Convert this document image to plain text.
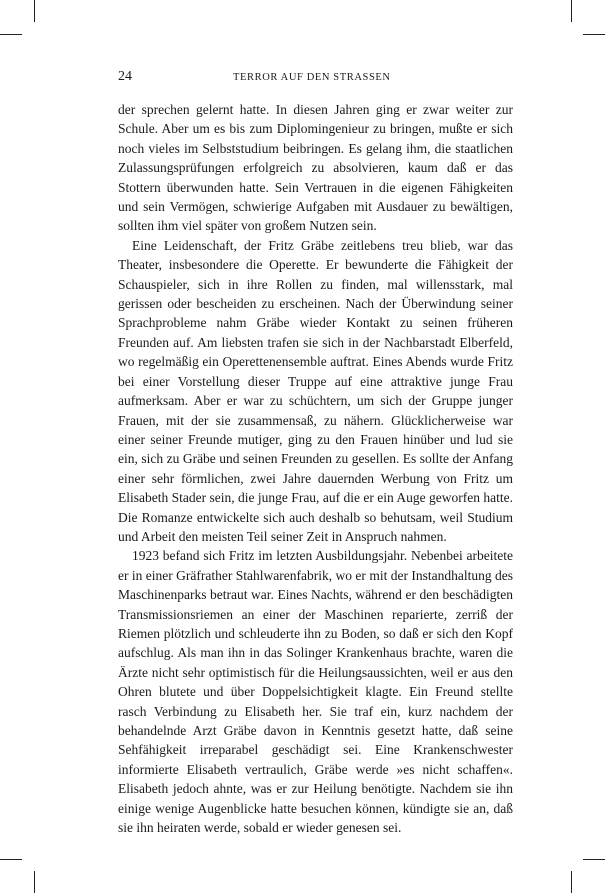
24	TERROR AUF DEN STRASSEN

der sprechen gelernt hatte. In diesen Jahren ging er zwar weiter zur Schule. Aber um es bis zum Diplomingenieur zu bringen, mußte er sich noch vieles im Selbststudium beibringen. Es gelang ihm, die staatlichen Zulassungsprüfungen erfolgreich zu absolvieren, kaum daß er das Stottern überwunden hatte. Sein Vertrauen in die eigenen Fähigkeiten und sein Vermögen, schwierige Aufgaben mit Ausdauer zu bewältigen, sollten ihm viel später von großem Nutzen sein.

Eine Leidenschaft, der Fritz Gräbe zeitlebens treu blieb, war das Theater, insbesondere die Operette. Er bewunderte die Fähigkeit der Schauspieler, sich in ihre Rollen zu finden, mal willensstark, mal gerissen oder bescheiden zu erscheinen. Nach der Überwindung seiner Sprachprobleme nahm Gräbe wieder Kontakt zu seinen früheren Freunden auf. Am liebsten trafen sie sich in der Nachbarstadt Elberfeld, wo regelmäßig ein Operettenensemble auftrat. Eines Abends wurde Fritz bei einer Vorstellung dieser Truppe auf eine attraktive junge Frau aufmerksam. Aber er war zu schüchtern, um sich der Gruppe junger Frauen, mit der sie zusammensaß, zu nähern. Glücklicherweise war einer seiner Freunde mutiger, ging zu den Frauen hinüber und lud sie ein, sich zu Gräbe und seinen Freunden zu gesellen. Es sollte der Anfang einer sehr förmlichen, zwei Jahre dauernden Werbung von Fritz um Elisabeth Stader sein, die junge Frau, auf die er ein Auge geworfen hatte. Die Romanze entwickelte sich auch deshalb so behutsam, weil Studium und Arbeit den meisten Teil seiner Zeit in Anspruch nahmen.

1923 befand sich Fritz im letzten Ausbildungsjahr. Nebenbei arbeitete er in einer Gräfrather Stahlwarenfabrik, wo er mit der Instandhaltung des Maschinenparks betraut war. Eines Nachts, während er den beschädigten Transmissionsriemen an einer der Maschinen reparierte, zerriß der Riemen plötzlich und schleuderte ihn zu Boden, so daß er sich den Kopf aufschlug. Als man ihn in das Solinger Krankenhaus brachte, waren die Ärzte nicht sehr optimistisch für die Heilungsaussichten, weil er aus den Ohren blutete und über Doppelsichtigkeit klagte. Ein Freund stellte rasch Verbindung zu Elisabeth her. Sie traf ein, kurz nachdem der behandelnde Arzt Gräbe davon in Kenntnis gesetzt hatte, daß seine Sehfähigkeit irreparabel geschädigt sei. Eine Krankenschwester informierte Elisabeth vertraulich, Gräbe werde »es nicht schaffen«. Elisabeth jedoch ahnte, was er zur Heilung benötigte. Nachdem sie ihn einige wenige Augenblicke hatte besuchen können, kündigte sie an, daß sie ihn heiraten werde, sobald er wieder genesen sei.
